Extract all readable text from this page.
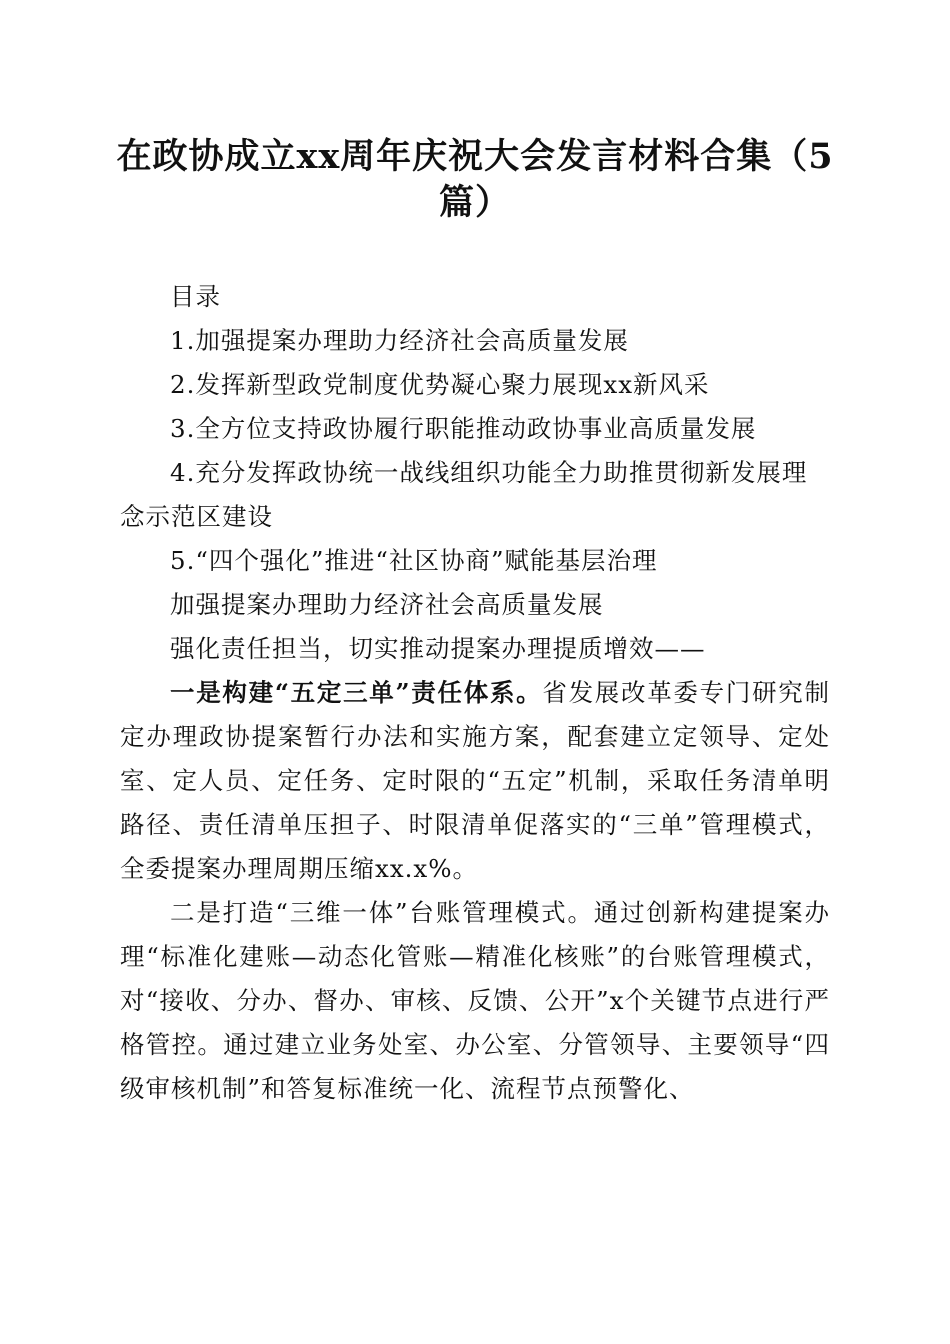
在政协成立xx周年庆祝大会发言材料合集（5篇）

目录

1.加强提案办理助力经济社会高质量发展
2.发挥新型政党制度优势凝心聚力展现xx新风采
3.全方位支持政协履行职能推动政协事业高质量发展
4.充分发挥政协统一战线组织功能全力助推贯彻新发展理念示范区建设
5.“四个强化”推进“社区协商”赋能基层治理

加强提案办理助力经济社会高质量发展

强化责任担当，切实推动提案办理提质增效——

一是构建“五定三单”责任体系。省发展改革委专门研究制定办理政协提案暂行办法和实施方案，配套建立定领导、定处室、定人员、定任务、定时限的“五定”机制，采取任务清单明路径、责任清单压担子、时限清单促落实的“三单”管理模式，全委提案办理周期压缩xx.x%。

二是打造“三维一体”台账管理模式。通过创新构建提案办理“标准化建账—动态化管账—精准化核账”的台账管理模式，对“接收、分办、督办、审核、反馈、公开”x个关键节点进行严格管控。通过建立业务处室、办公室、分管领导、主要领导“四级审核机制”和答复标准统一化、流程节点预警化、
